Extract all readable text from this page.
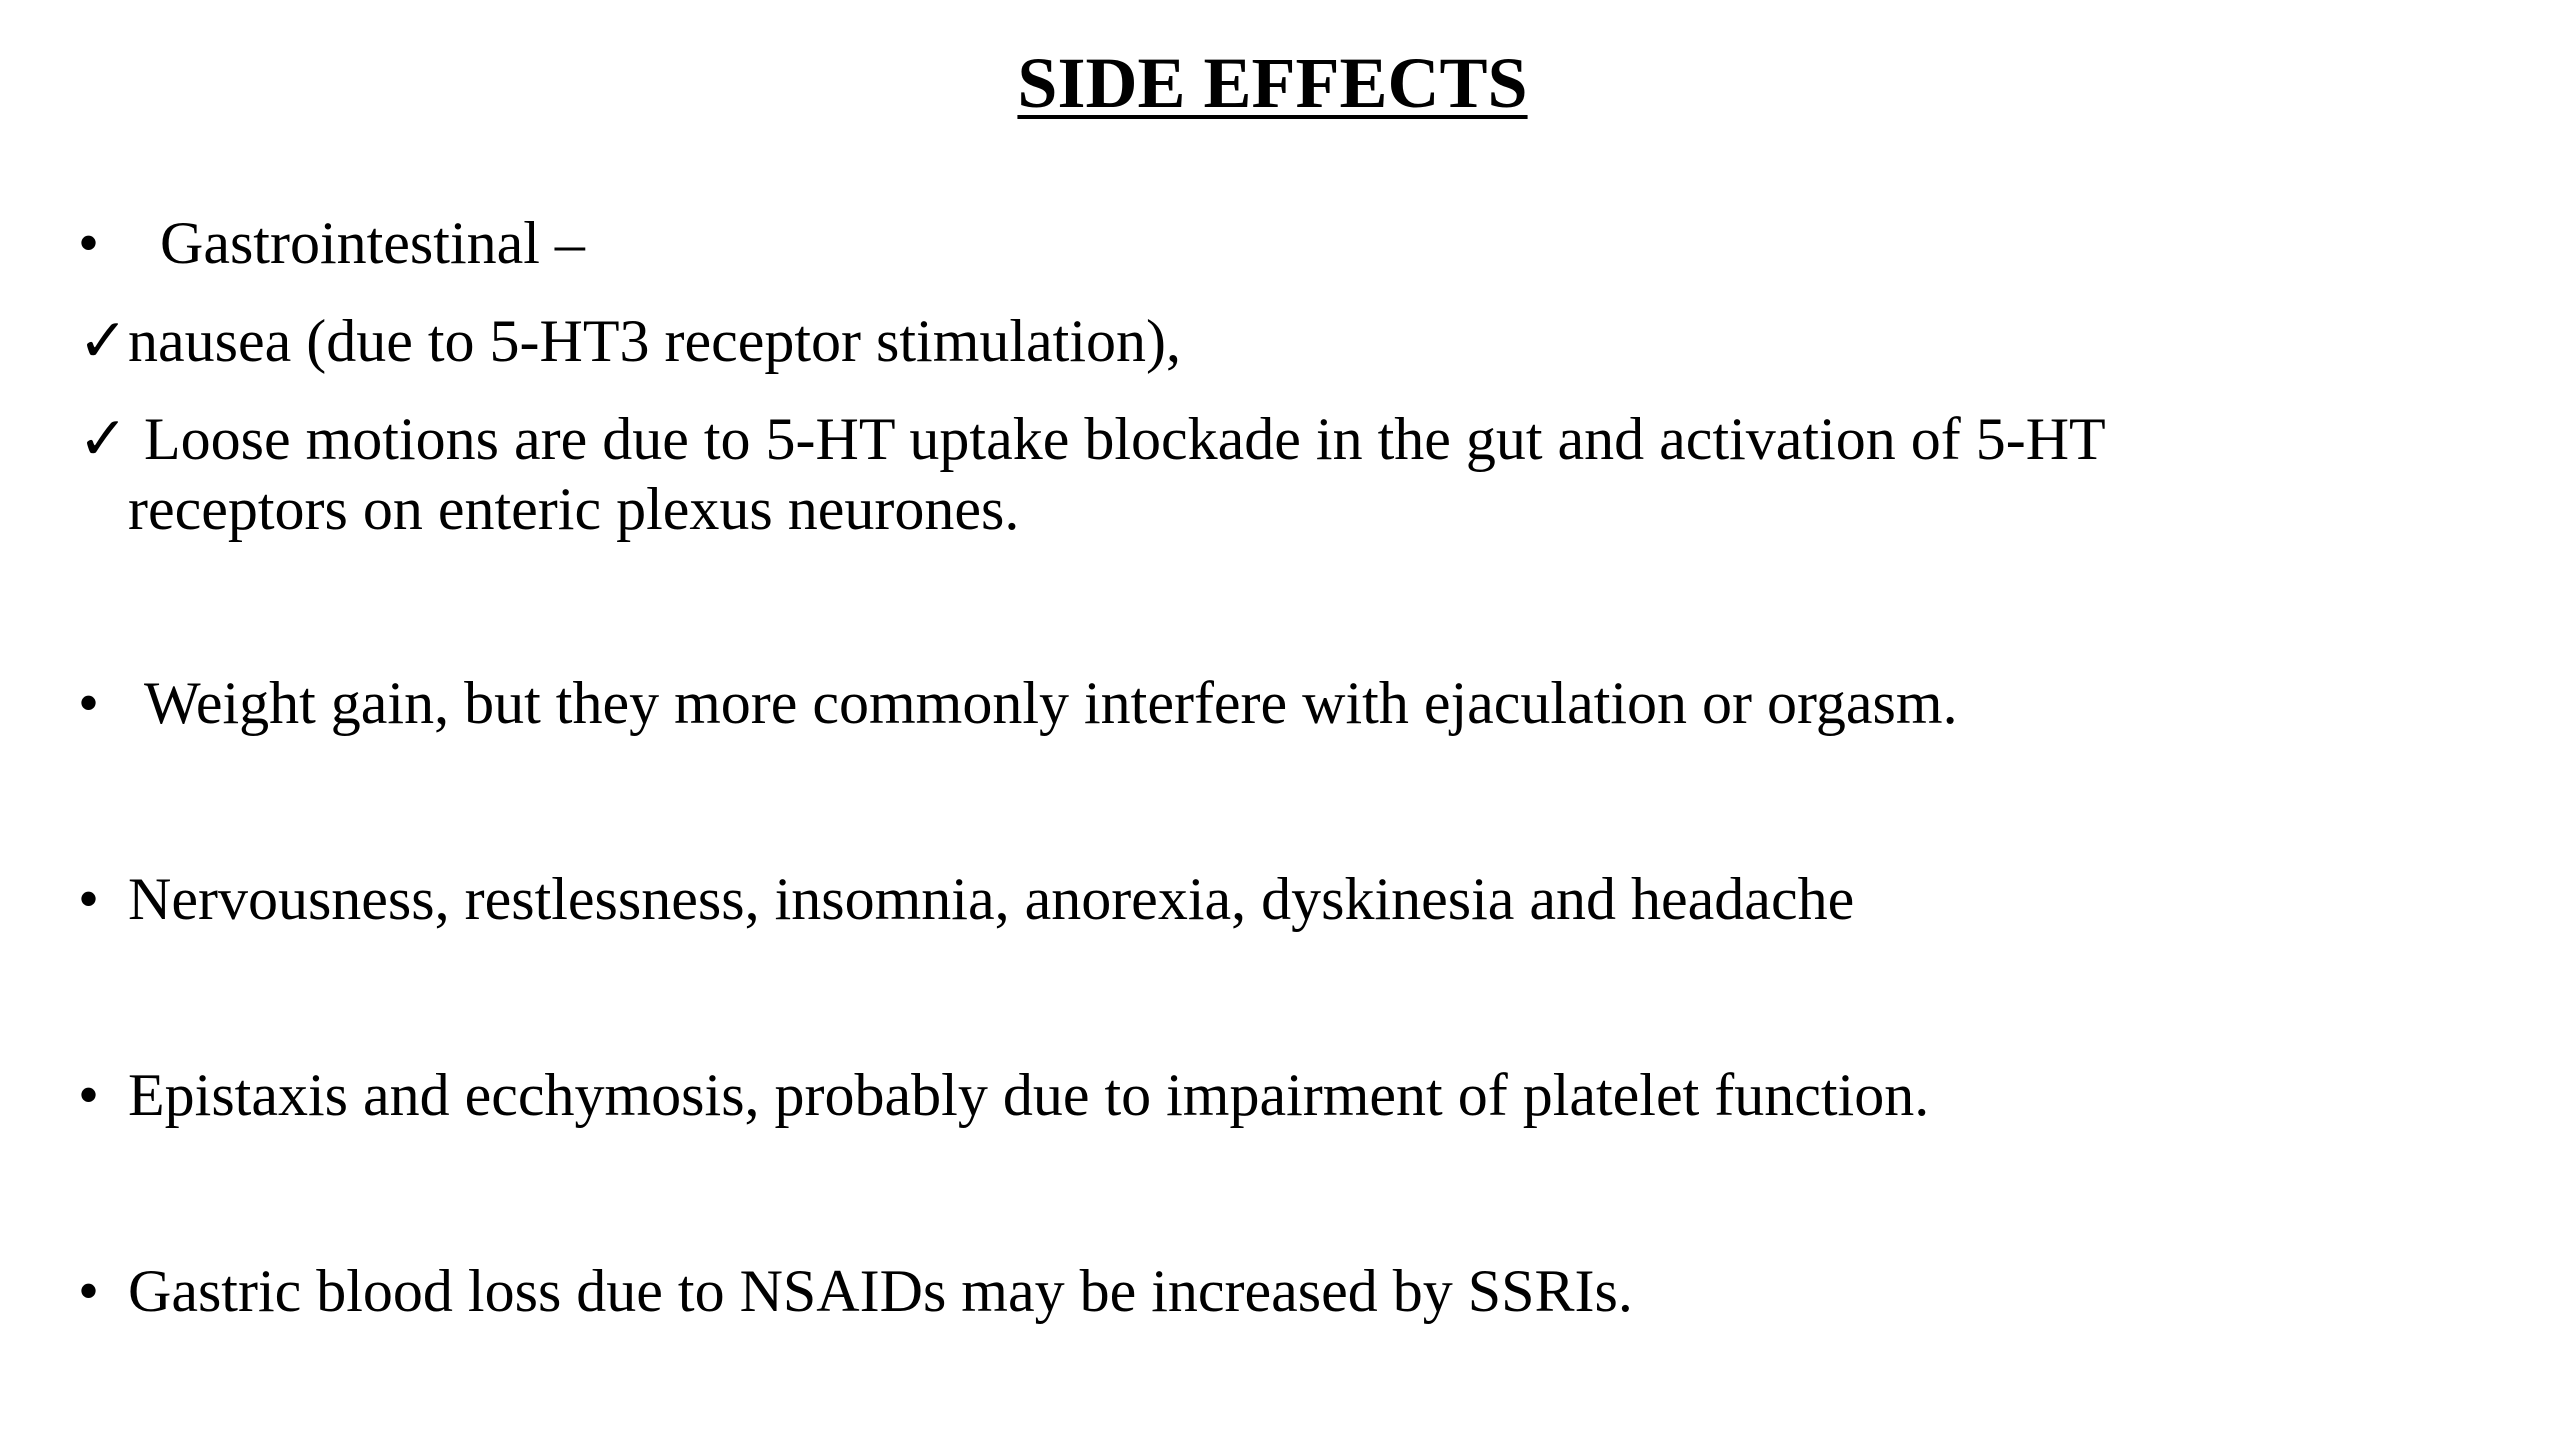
SIDE EFFECTS
• Gastrointestinal –
✓ nausea (due to 5-HT3 receptor stimulation),
✓ Loose motions are due to 5-HT uptake blockade in the gut and activation of 5-HT
receptors on enteric plexus neurones.
• Weight gain, but they more commonly interfere with ejaculation or orgasm.
• Nervousness, restlessness, insomnia, anorexia, dyskinesia and headache
• Epistaxis and ecchymosis, probably due to impairment of platelet function.
• Gastric blood loss due to NSAIDs may be increased by SSRIs.
